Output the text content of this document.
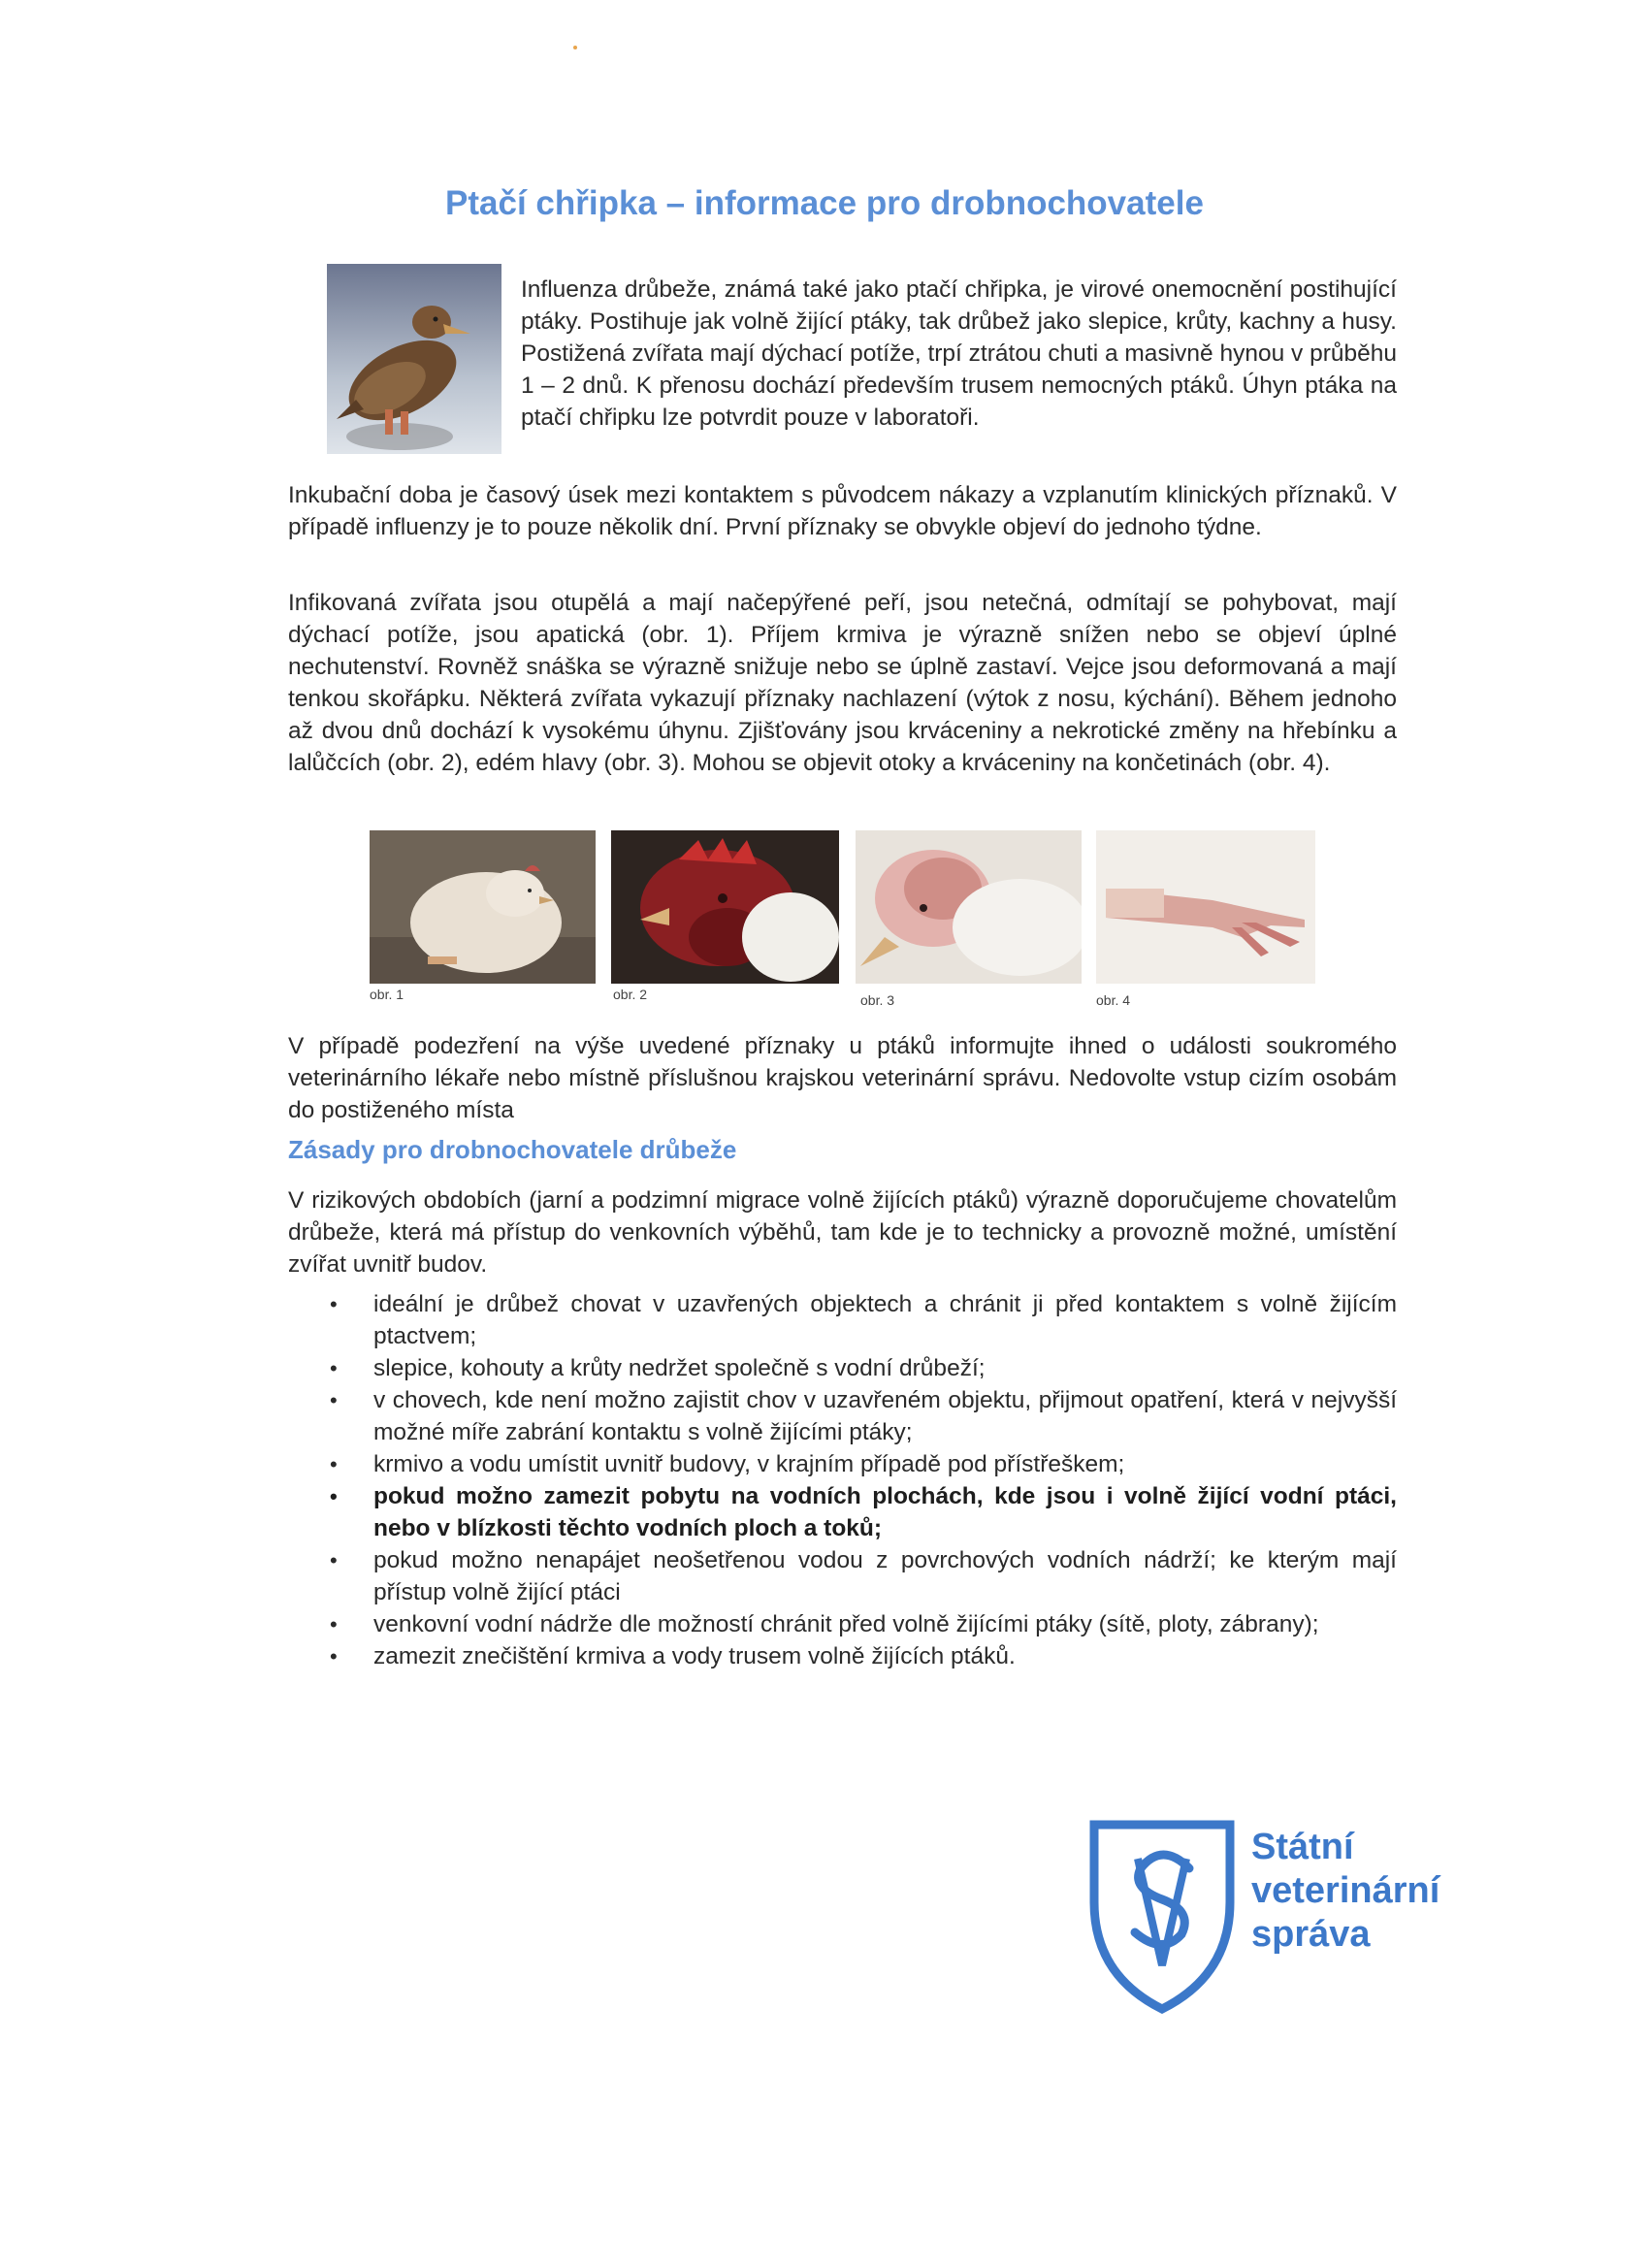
Ptačí chřipka – informace pro drobnochovatele

Influenza drůbeže, známá také jako ptačí chřipka, je virové onemocnění postihující ptáky. Postihuje jak volně žijící ptáky, tak drůbež jako slepice, krůty, kachny a husy. Postižená zvířata mají dýchací potíže, trpí ztrátou chuti a masivně hynou v průběhu 1 – 2 dnů. K přenosu dochází především trusem nemocných ptáků. Úhyn ptáka na ptačí chřipku lze potvrdit pouze v laboratoři.

Inkubační doba je časový úsek mezi kontaktem s původcem nákazy a vzplanutím klinických příznaků. V případě influenzy je to pouze několik dní. První příznaky se obvykle objeví do jednoho týdne.

Infikovaná zvířata jsou otupělá a mají načepýřené peří, jsou netečná, odmítají se pohybovat, mají dýchací potíže, jsou apatická (obr. 1). Příjem krmiva je výrazně snížen nebo se objeví úplné nechutenství. Rovněž snáška se výrazně snižuje nebo se úplně zastaví. Vejce jsou deformovaná a mají tenkou skořápku. Některá zvířata vykazují příznaky nachlazení (výtok z nosu, kýchání). Během jednoho až dvou dnů dochází k vysokému úhynu. Zjišťovány jsou krváceniny a nekrotické změny na hřebínku a lalůčcích (obr. 2), edém hlavy (obr. 3). Mohou se objevit otoky a krváceniny na končetinách (obr. 4).

obr. 1	obr. 2	obr. 3	obr. 4

V případě podezření na výše uvedené příznaky u ptáků informujte ihned o události soukromého veterinárního lékaře nebo místně příslušnou krajskou veterinární správu. Nedovolte vstup cizím osobám do postiženého místa

Zásady pro drobnochovatele drůbeže

V rizikových obdobích (jarní a podzimní migrace volně žijících ptáků) výrazně doporučujeme chovatelům drůbeže, která má přístup do venkovních výběhů, tam kde je to technicky a provozně možné, umístění zvířat uvnitř budov.

• ideální je drůbež chovat v uzavřených objektech a chránit ji před kontaktem s volně žijícím ptactvem;
• slepice, kohouty a krůty nedržet společně s vodní drůbeží;
• v chovech, kde není možno zajistit chov v uzavřeném objektu, přijmout opatření, která v nejvyšší možné míře zabrání kontaktu s volně žijícími ptáky;
• krmivo a vodu umístit uvnitř budovy, v krajním případě pod přístřeškem;
• pokud možno zamezit pobytu na vodních plochách, kde jsou i volně žijící vodní ptáci, nebo v blízkosti těchto vodních ploch a toků;
• pokud možno nenapájet neošetřenou vodou z povrchových vodních nádrží; ke kterým mají přístup volně žijící ptáci
• venkovní vodní nádrže dle možností chránit před volně žijícími ptáky (sítě, ploty, zábrany);
• zamezit znečištění krmiva a vody trusem volně žijících ptáků.
Státní
veterinární
správa
